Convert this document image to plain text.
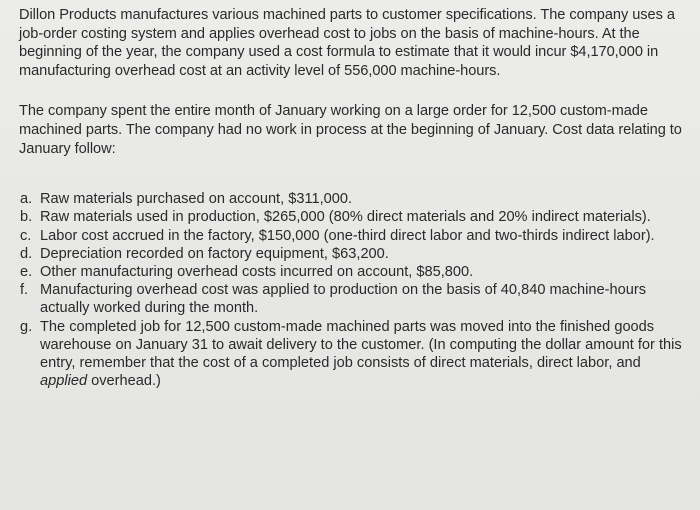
Dillon Products manufactures various machined parts to customer specifications. The company uses a job-order costing system and applies overhead cost to jobs on the basis of machine-hours. At the beginning of the year, the company used a cost formula to estimate that it would incur $4,170,000 in manufacturing overhead cost at an activity level of 556,000 machine-hours.

The company spent the entire month of January working on a large order for 12,500 custom-made machined parts. The company had no work in process at the beginning of January. Cost data relating to January follow:

a. Raw materials purchased on account, $311,000.
b. Raw materials used in production, $265,000 (80% direct materials and 20% indirect materials).
c. Labor cost accrued in the factory, $150,000 (one-third direct labor and two-thirds indirect labor).
d. Depreciation recorded on factory equipment, $63,200.
e. Other manufacturing overhead costs incurred on account, $85,800.
f. Manufacturing overhead cost was applied to production on the basis of 40,840 machine-hours actually worked during the month.
g. The completed job for 12,500 custom-made machined parts was moved into the finished goods warehouse on January 31 to await delivery to the customer. (In computing the dollar amount for this entry, remember that the cost of a completed job consists of direct materials, direct labor, and applied overhead.)
